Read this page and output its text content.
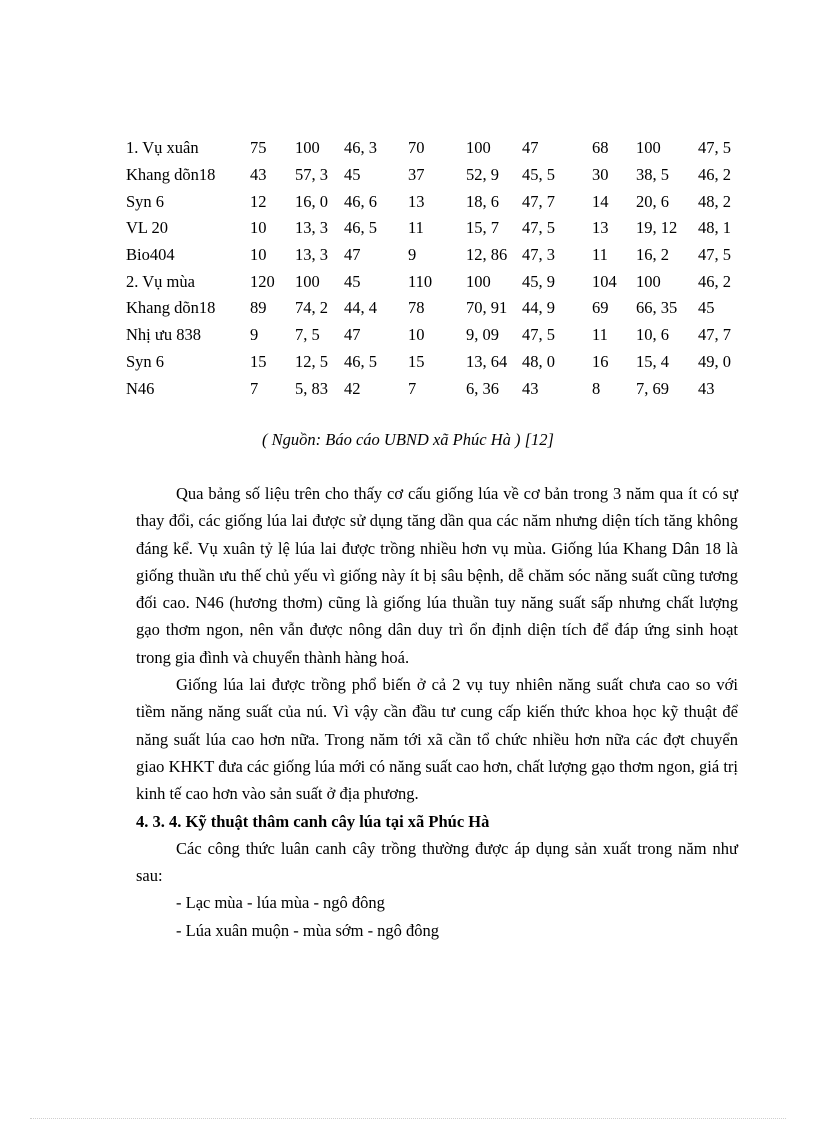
1. Vụ xuân	75	100	46, 3	70	100	47	68	100	47, 5
Khang dõn18	43	57, 3	45	37	52, 9	45, 5	30	38, 5	46, 2
Syn 6	12	16, 0	46, 6	13	18, 6	47, 7	14	20, 6	48, 2
VL 20	10	13, 3	46, 5	11	15, 7	47, 5	13	19, 12	48, 1
Bio404	10	13, 3	47	9	12, 86	47, 3	11	16, 2	47, 5
2. Vụ mùa	120	100	45	110	100	45, 9	104	100	46, 2
Khang dõn18	89	74, 2	44, 4	78	70, 91	44, 9	69	66, 35	45
Nhị ưu 838	9	7, 5	47	10	9, 09	47, 5	11	10, 6	47, 7
Syn 6	15	12, 5	46, 5	15	13, 64	48, 0	16	15, 4	49, 0
N46	7	5, 83	42	7	6, 36	43	8	7, 69	43
( Nguồn: Báo cáo UBND xã Phúc Hà ) [12]

Qua bảng số liệu trên cho thấy cơ cấu giống lúa về cơ bản trong 3 năm qua ít có sự thay đổi, các giống lúa lai được sử dụng tăng dần qua các năm nhưng diện tích tăng không đáng kể. Vụ xuân tỷ lệ lúa lai được trồng nhiều hơn vụ mùa. Giống lúa Khang Dân 18 là giống thuần ưu thế chủ yếu vì giống này ít bị sâu bệnh, dễ chăm sóc năng suất cũng tương đối cao. N46 (hương thơm) cũng là giống lúa thuần tuy năng suất sấp nhưng chất lượng gạo thơm ngon, nên vẫn được nông dân duy trì ổn định diện tích để đáp ứng sinh hoạt trong gia đình và chuyển thành hàng hoá.

Giống lúa lai được trồng phổ biến ở cả 2 vụ tuy nhiên năng suất chưa cao so với tiềm năng năng suất của nú. Vì vậy cần đầu tư cung cấp kiến thức khoa học kỹ thuật để năng suất lúa cao hơn nữa. Trong năm tới xã cần tổ chức nhiều hơn nữa các đợt chuyển giao KHKT đưa các giống lúa mới có năng suất cao hơn, chất lượng gạo thơm ngon, giá trị kinh tế cao hơn vào sản suất ở địa phương.

4. 3. 4. Kỹ thuật thâm canh cây lúa tại xã Phúc Hà

Các công thức luân canh cây trồng thường được áp dụng sản xuất trong năm như sau:

- Lạc mùa - lúa mùa - ngô đông

- Lúa xuân muộn - mùa sớm - ngô đông
